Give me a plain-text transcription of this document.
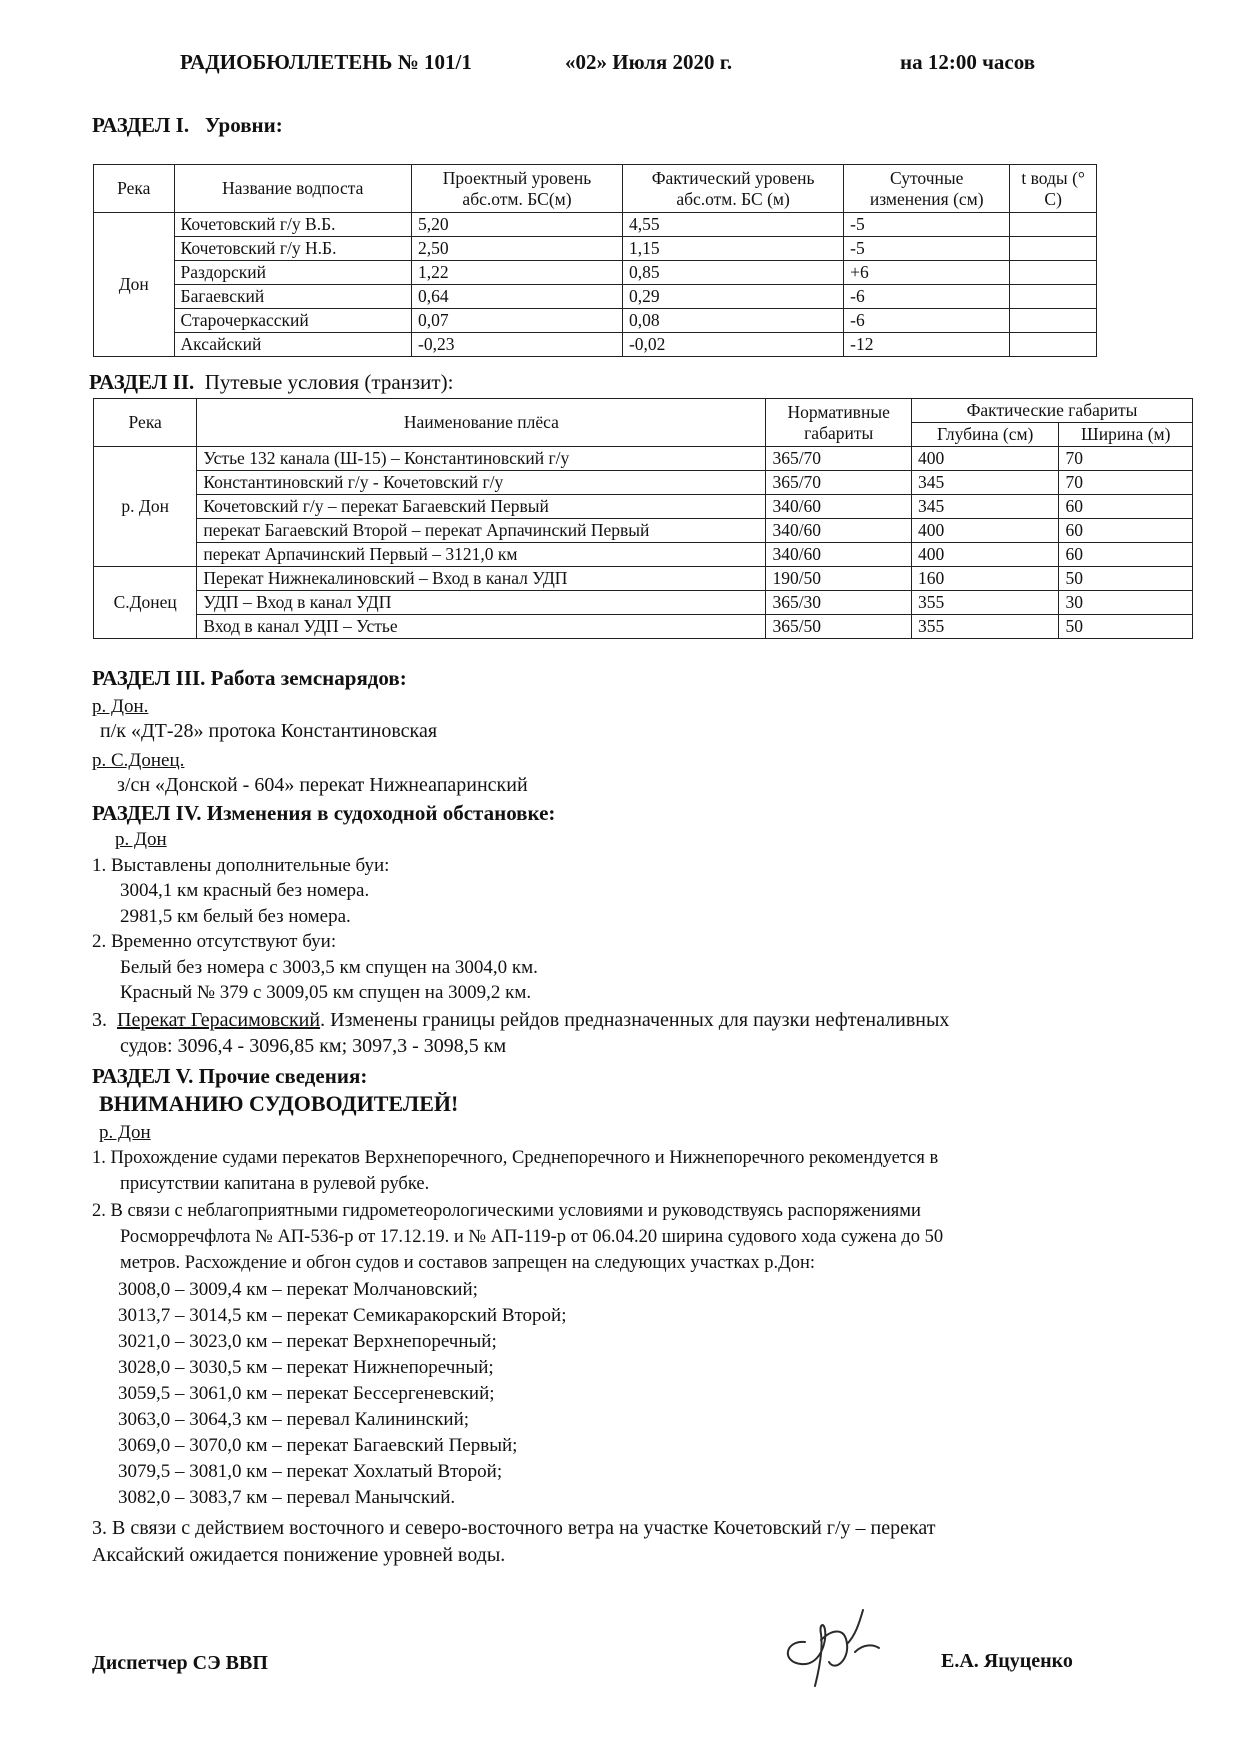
РАДИОБЮЛЛЕТЕНЬ № 101/1	«02» Июля 2020 г.	на 12:00 часов
РАЗДЕЛ I. Уровни:
Река	Название водпоста	Проектный уровень абс.отм. БС(м)	Фактический уровень абс.отм. БС (м)	Суточные изменения (см)	t воды (° С)
Дон	Кочетовский г/у В.Б.	5,20	4,55	-5	
	Кочетовский г/у Н.Б.	2,50	1,15	-5	
	Раздорский	1,22	0,85	+6	
	Багаевский	0,64	0,29	-6	
	Старочеркасский	0,07	0,08	-6	
	Аксайский	-0,23	-0,02	-12	
РАЗДЕЛ II. Путевые условия (транзит):
Река	Наименование плёса	Нормативные габариты	Фактические габариты	
			Глубина (см)	Ширина (м)
р. Дон	Устье 132 канала (Ш-15) – Константиновский г/у	365/70	400	70
	Константиновский г/у - Кочетовский г/у	365/70	345	70
	Кочетовский г/у – перекат Багаевский Первый	340/60	345	60
	перекат Багаевский Второй – перекат Арпачинский Первый	340/60	400	60
	перекат Арпачинский Первый – 3121,0 км	340/60	400	60
С.Донец	Перекат Нижнекалиновский – Вход в канал УДП	190/50	160	50
	УДП – Вход в канал УДП	365/30	355	30
	Вход в канал УДП – Устье	365/50	355	50
РАЗДЕЛ III. Работа земснарядов:
р. Дон.
п/к «ДТ-28» протока Константиновская
р. С.Донец.
з/сн «Донской - 604» перекат Нижнеапаринский
РАЗДЕЛ IV. Изменения в судоходной обстановке:
р. Дон
1. Выставлены дополнительные буи:
3004,1 км красный без номера.
2981,5 км белый без номера.
2. Временно отсутствуют буи:
Белый без номера с 3003,5 км спущен на 3004,0 км.
Красный № 379 с 3009,05 км спущен на 3009,2 км.
3. Перекат Герасимовский. Изменены границы рейдов предназначенных для паузки нефтеналивных
судов: 3096,4 - 3096,85 км; 3097,3 - 3098,5 км
РАЗДЕЛ V. Прочие сведения:
ВНИМАНИЮ СУДОВОДИТЕЛЕЙ!
р. Дон
1. Прохождение судами перекатов Верхнепоречного, Среднепоречного и Нижнепоречного рекомендуется в
присутствии капитана в рулевой рубке.
2. В связи с неблагоприятными гидрометеорологическими условиями и руководствуясь распоряжениями
Росморречфлота № АП-536-р от 17.12.19. и № АП-119-р от 06.04.20 ширина судового хода сужена до 50
метров. Расхождение и обгон судов и составов запрещен на следующих участках р.Дон:
3008,0 – 3009,4 км – перекат Молчановский;
3013,7 – 3014,5 км – перекат Семикаракорский Второй;
3021,0 – 3023,0 км – перекат Верхнепоречный;
3028,0 – 3030,5 км – перекат Нижнепоречный;
3059,5 – 3061,0 км – перекат Бессергеневский;
3063,0 – 3064,3 км – перевал Калининский;
3069,0 – 3070,0 км – перекат Багаевский Первый;
3079,5 – 3081,0 км – перекат Хохлатый Второй;
3082,0 – 3083,7 км – перевал Манычский.
3. В связи с действием восточного и северо-восточного ветра на участке Кочетовский г/у – перекат
Аксайский ожидается понижение уровней воды.
Диспетчер СЭ ВВП	Е.А. Яцуценко
